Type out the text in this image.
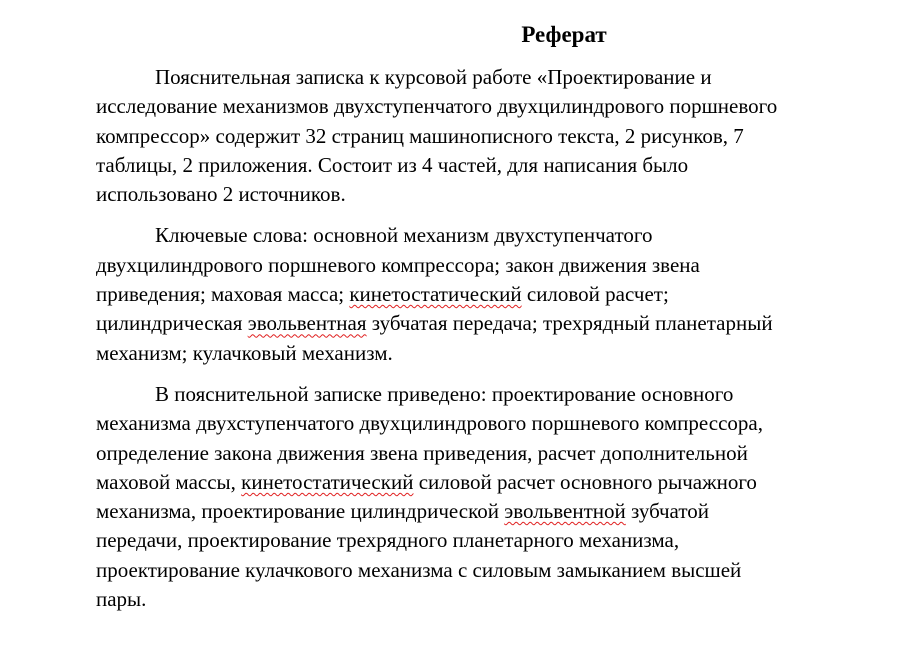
Реферат
Пояснительная записка к курсовой работе «Проектирование и
исследование механизмов двухступенчатого двухцилиндрового поршневого
компрессор» содержит 32 страниц машинописного текста, 2 рисунков, 7
таблицы, 2 приложения. Состоит из 4 частей, для написания было
использовано 2 источников.
Ключевые слова: основной механизм двухступенчатого
двухцилиндрового поршневого компрессора; закон движения звена
приведения; маховая масса; кинетостатический силовой расчет;
цилиндрическая эвольвентная зубчатая передача; трехрядный планетарный
механизм; кулачковый механизм.
В пояснительной записке приведено: проектирование основного
механизма двухступенчатого двухцилиндрового поршневого компрессора,
определение закона движения звена приведения, расчет дополнительной
маховой массы, кинетостатический силовой расчет основного рычажного
механизма, проектирование цилиндрической эвольвентной зубчатой
передачи, проектирование трехрядного планетарного механизма,
проектирование кулачкового механизма с силовым замыканием высшей
пары.
